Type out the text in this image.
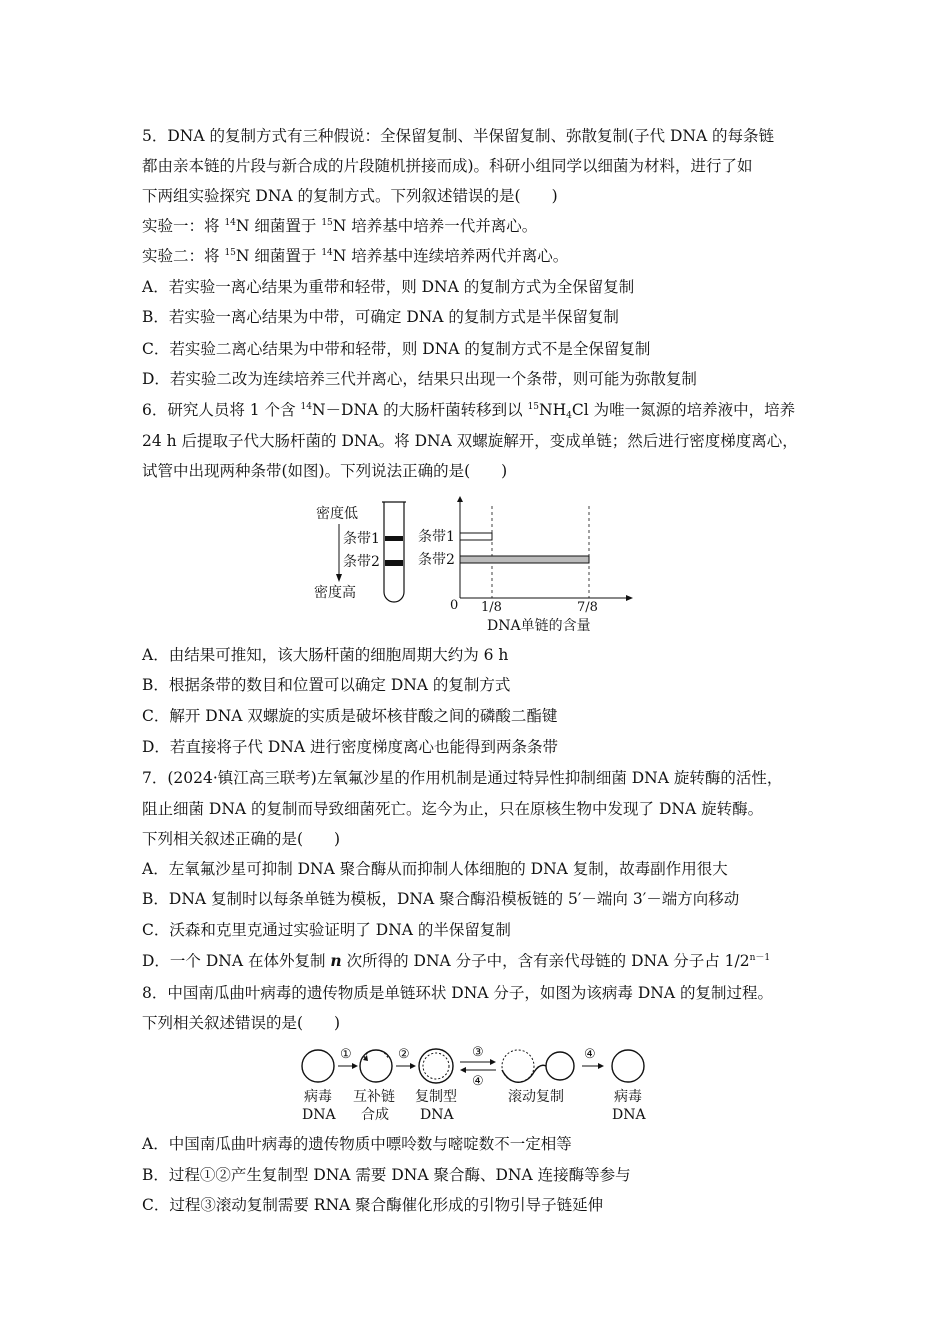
5．DNA 的复制方式有三种假说：全保留复制、半保留复制、弥散复制(子代 DNA 的每条链
都由亲本链的片段与新合成的片段随机拼接而成)。科研小组同学以细菌为材料，进行了如
下两组实验探究 DNA 的复制方式。下列叙述错误的是(　　)
实验一：将 $^{14}$N 细菌置于 $^{15}$N 培养基中培养一代并离心。
实验二：将 $^{15}$N 细菌置于 $^{14}$N 培养基中连续培养两代并离心。
A．若实验一离心结果为重带和轻带，则 DNA 的复制方式为全保留复制
B．若实验一离心结果为中带，可确定 DNA 的复制方式是半保留复制
C．若实验二离心结果为中带和轻带，则 DNA 的复制方式不是全保留复制
D．若实验二改为连续培养三代并离心，结果只出现一个条带，则可能为弥散复制
6．研究人员将 1 个含 $^{14}$N－DNA 的大肠杆菌转移到以 $^{15}NH_4Cl$ 为唯一氮源的培养液中，培养
24 h 后提取子代大肠杆菌的 DNA。将 DNA 双螺旋解开，变成单链；然后进行密度梯度离心，
试管中出现两种条带(如图)。下列说法正确的是(　　)
密度低
条带1
条带2
密度高
条带1
条带2
0 1/8	7/8
DNA单链的含量
A．由结果可推知，该大肠杆菌的细胞周期大约为 6 h
B．根据条带的数目和位置可以确定 DNA 的复制方式
C．解开 DNA 双螺旋的实质是破坏核苷酸之间的磷酸二酯键
D．若直接将子代 DNA 进行密度梯度离心也能得到两条条带
7．(2024·镇江高三联考)左氧氟沙星的作用机制是通过特异性抑制细菌 DNA 旋转酶的活性，
阻止细菌 DNA 的复制而导致细菌死亡。迄今为止，只在原核生物中发现了 DNA 旋转酶。
下列相关叙述正确的是(　　)
A．左氧氟沙星可抑制 DNA 聚合酶从而抑制人体细胞的 DNA 复制，故毒副作用很大
B．DNA 复制时以每条单链为模板，DNA 聚合酶沿模板链的 5′－端向 3′－端方向移动
C．沃森和克里克通过实验证明了 DNA 的半保留复制
D．一个 DNA 在体外复制 n 次所得的 DNA 分子中，含有亲代母链的 DNA 分子占 $1/2^{n-1}$
8．中国南瓜曲叶病毒的遗传物质是单链环状 DNA 分子，如图为该病毒 DNA 的复制过程。
下列相关叙述错误的是(　　)
①	②	③
④
④
病毒
DNA
互补链
合成
复制型
DNA
滚动复制	病毒
DNA
A．中国南瓜曲叶病毒的遗传物质中嘌呤数与嘧啶数不一定相等
B．过程①②产生复制型 DNA 需要 DNA 聚合酶、DNA 连接酶等参与
C．过程③滚动复制需要 RNA 聚合酶催化形成的引物引导子链延伸
